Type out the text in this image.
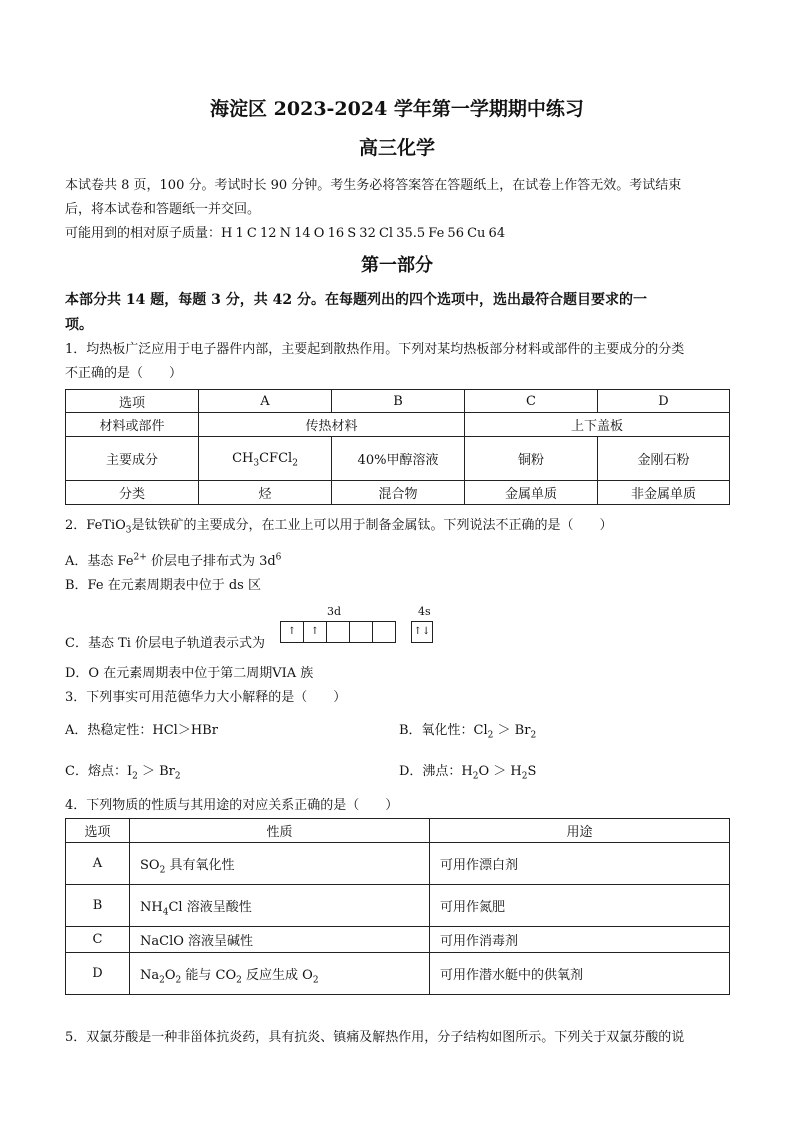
海淀区 2023-2024 学年第一学期期中练习
高三化学
本试卷共 8 页，100 分。考试时长 90 分钟。考生务必将答案答在答题纸上，在试卷上作答无效。考试结束
后，将本试卷和答题纸一并交回。
可能用到的相对原子质量：H 1 C 12 N 14 O 16 S 32 Cl 35.5 Fe 56 Cu 64
第一部分
本部分共 14 题，每题 3 分，共 42 分。在每题列出的四个选项中，选出最符合题目要求的一
项。
1．均热板广泛应用于电子器件内部，主要起到散热作用。下列对某均热板部分材料或部件的主要成分的分类
不正确的是（　　）
选项	A	B	C	D
材料或部件	传热材料		上下盖板	
主要成分	$CH_3CFCl_2$	40%甲醇溶液	铜粉	金刚石粉
分类	烃	混合物	金属单质	非金属单质
2．FeTiO$_3$是钛铁矿的主要成分，在工业上可以用于制备金属钛。下列说法不正确的是（　　）
A．基态 $Fe^{2+}$ 价层电子排布式为 $3d^6$
B．Fe 在元素周期表中位于 ds 区
C．基态 Ti 价层电子轨道表示式为
3d	4s
↑	↑	↑↓
D．O 在元素周期表中位于第二周期VIA 族
3．下列事实可用范德华力大小解释的是（　　）
A．热稳定性：HCl＞HBr	B．氧化性：$Cl_2 > Br_2$
C．熔点：$I_2 > Br_2$	D．沸点：$H_2O > H_2S$
4．下列物质的性质与其用途的对应关系正确的是（　　）
选项	性质	用途
A	$SO_2$ 具有氧化性	可用作漂白剂
B	$NH_4Cl$ 溶液呈酸性	可用作氮肥
C	NaClO 溶液呈碱性	可用作消毒剂
D	$Na_2O_2$ 能与 $CO_2$ 反应生成 $O_2$	可用作潜水艇中的供氧剂
5．双氯芬酸是一种非甾体抗炎药，具有抗炎、镇痛及解热作用，分子结构如图所示。下列关于双氯芬酸的说
